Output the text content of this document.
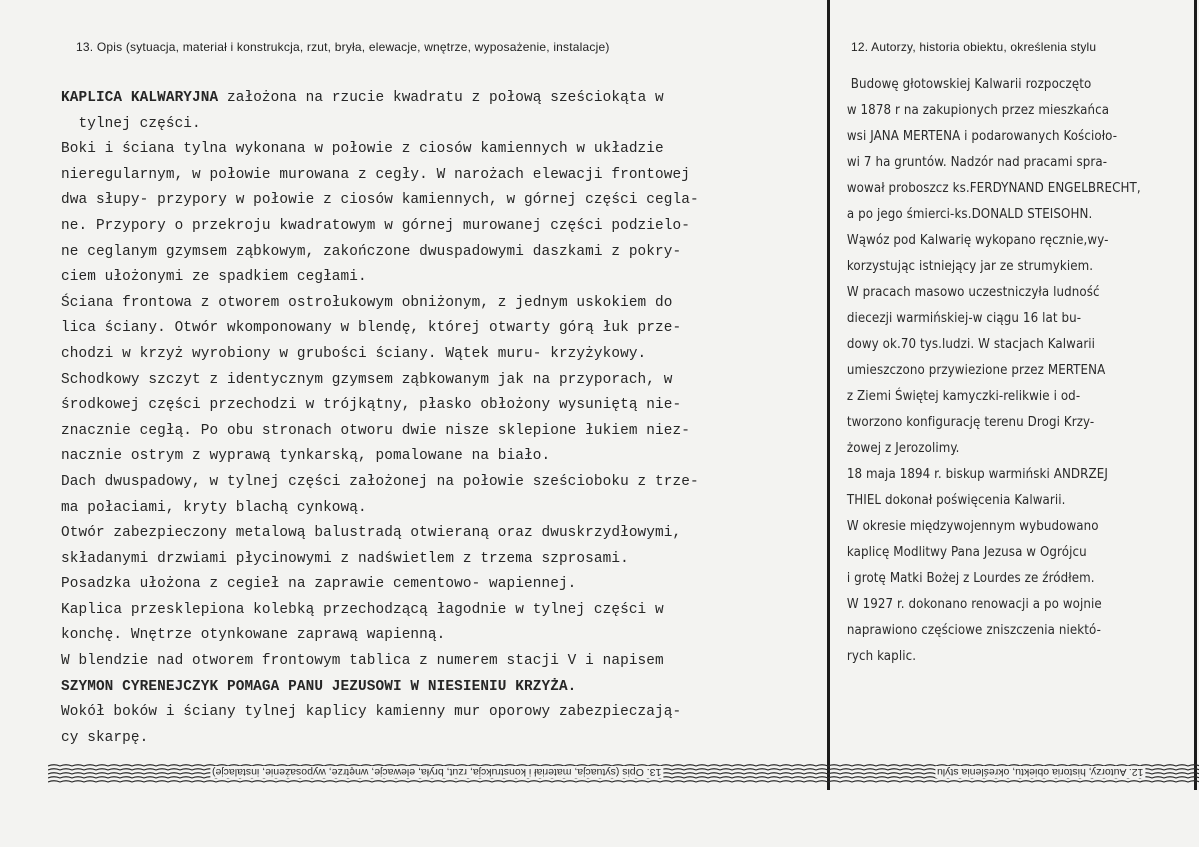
13. Opis (sytuacja, materiał i konstrukcja, rzut, bryła, elewacje, wnętrze, wyposażenie, instalacje)	12. Autorzy, historia obiektu, określenia stylu

KAPLICA KALWARYJNA założona na rzucie kwadratu z połową sześciokąta w

tylnej części.

Boki i ściana tylna wykonana w połowie z ciosów kamiennych w układzie

nieregularnym, w połowie murowana z cegły. W narożach elewacji frontowej

dwa słupy- przypory w połowie z ciosów kamiennych, w górnej części cegla-

ne. Przypory o przekroju kwadratowym w górnej murowanej części podzielo-

ne ceglanym gzymsem ząbkowym, zakończone dwuspadowymi daszkami z pokry-

ciem ułożonymi ze spadkiem cegłami.

Ściana frontowa z otworem ostrołukowym obniżonym, z jednym uskokiem do

lica ściany. Otwór wkomponowany w blendę, której otwarty górą łuk prze-

chodzi w krzyż wyrobiony w grubości ściany. Wątek muru- krzyżykowy.

Schodkowy szczyt z identycznym gzymsem ząbkowanym jak na przyporach, w

środkowej części przechodzi w trójkątny, płasko obłożony wysuniętą nie-

znacznie cegłą. Po obu stronach otworu dwie nisze sklepione łukiem niez-

nacznie ostrym z wyprawą tynkarską, pomalowane na biało.

Dach dwuspadowy, w tylnej części założonej na połowie sześcioboku z trze-

ma połaciami, kryty blachą cynkową.

Otwór zabezpieczony metalową balustradą otwieraną oraz dwuskrzydłowymi,

składanymi drzwiami płycinowymi z nadświetlem z trzema szprosami.

Posadzka ułożona z cegieł na zaprawie cementowo- wapiennej.

Kaplica przesklepiona kolebką przechodzącą łagodnie w tylnej części w

konchę. Wnętrze otynkowane zaprawą wapienną.

W blendzie nad otworem frontowym tablica z numerem stacji V i napisem

SZYMON CYRENEJCZYK POMAGA PANU JEZUSOWI W NIESIENIU KRZYŻA.

Wokół boków i ściany tylnej kaplicy kamienny mur oporowy zabezpieczają-

cy skarpę.

Budowę głotowskiej Kalwarii rozpoczęto

w 1878 r na zakupionych przez mieszkańca

wsi JANA MERTENA i podarowanych Kościoło-

wi 7 ha gruntów. Nadzór nad pracami spra-

wował proboszcz ks.FERDYNAND ENGELBRECHT,

a po jego śmierci-ks.DONALD STEISOHN.

Wąwóz pod Kalwarię wykopano ręcznie,wy-

korzystując istniejący jar ze strumykiem.

W pracach masowo uczestniczyła ludność

diecezji warmińskiej-w ciągu 16 lat bu-

dowy ok.70 tys.ludzi. W stacjach Kalwarii

umieszczono przywiezione przez MERTENA

z Ziemi Świętej kamyczki-relikwie i od-

tworzono konfigurację terenu Drogi Krzy-

żowej z Jerozolimy.

18 maja 1894 r. biskup warmiński ANDRZEJ

THIEL dokonał poświęcenia Kalwarii.

W okresie międzywojennym wybudowano

kaplicę Modlitwy Pana Jezusa w Ogrójcu

i grotę Matki Bożej z Lourdes ze źródłem.

W 1927 r. dokonano renowacji a po wojnie

naprawiono częściowe zniszczenia niektó-

rych kaplic.

13. Opis (sytuacja, materiał i konstrukcja, rzut, bryła, elewacje, wnętrze, wyposażenie, instalacje)	12. Autorzy, historia obiektu, określenia stylu
